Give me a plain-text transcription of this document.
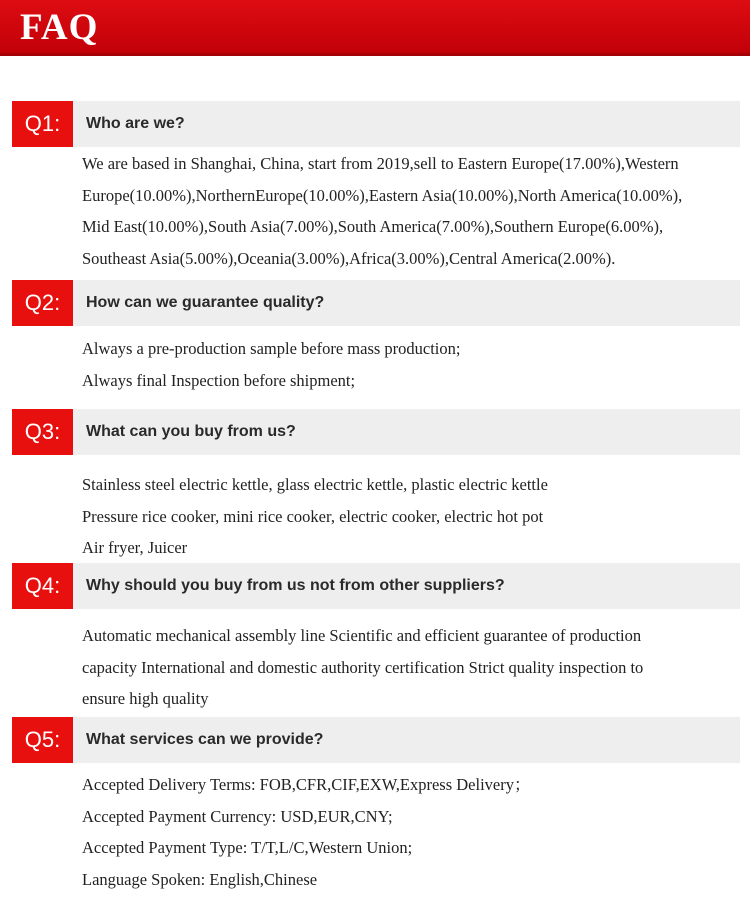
FAQ
Q1:	Who are we?
We are based in Shanghai, China, start from 2019,sell to Eastern Europe(17.00%),Western
Europe(10.00%),NorthernEurope(10.00%),Eastern Asia(10.00%),North America(10.00%),
Mid East(10.00%),South Asia(7.00%),South America(7.00%),Southern Europe(6.00%),
Southeast Asia(5.00%),Oceania(3.00%),Africa(3.00%),Central America(2.00%).
Q2:	How can we guarantee quality?
Always a pre-production sample before mass production;
Always final Inspection before shipment;
Q3:	What can you buy from us?
Stainless steel electric kettle, glass electric kettle, plastic electric kettle
Pressure rice cooker, mini rice cooker, electric cooker, electric hot pot
Air fryer, Juicer
Q4:	Why should you buy from us not from other suppliers?
Automatic mechanical assembly line Scientific and efficient guarantee of production
capacity International and domestic authority certification Strict quality inspection to
ensure high quality
Q5:	What services can we provide?
Accepted Delivery Terms: FOB,CFR,CIF,EXW,Express Delivery；
Accepted Payment Currency: USD,EUR,CNY;
Accepted Payment Type: T/T,L/C,Western Union;
Language Spoken: English,Chinese
